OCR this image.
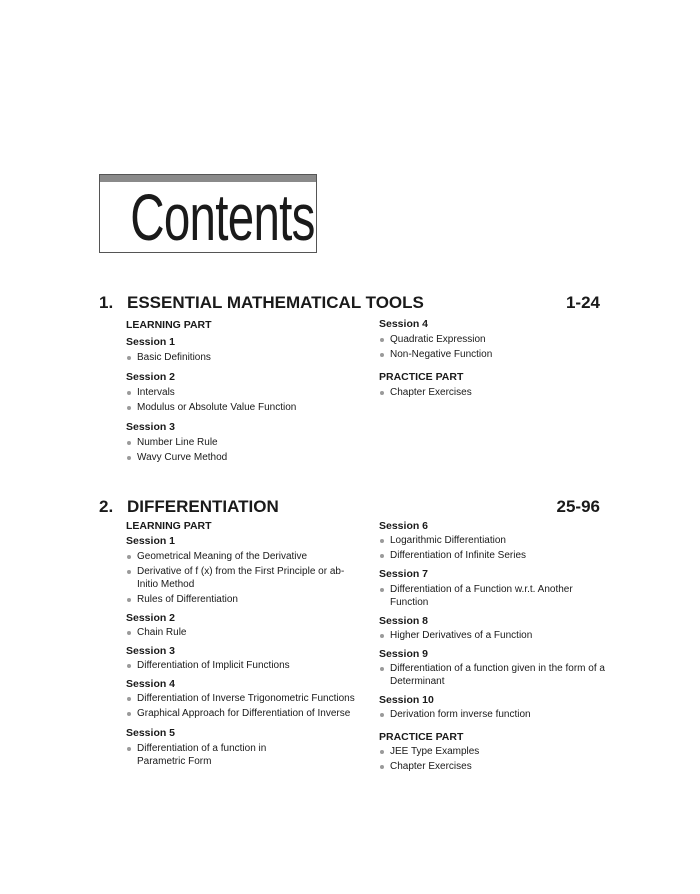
Contents
1. ESSENTIAL MATHEMATICAL TOOLS	1-24
LEARNING PART
Session 1
Basic Definitions
Session 2
Intervals
Modulus or Absolute Value Function
Session 3
Number Line Rule
Wavy Curve Method
Session 4
Quadratic Expression
Non-Negative Function
PRACTICE PART
Chapter Exercises
2. DIFFERENTIATION	25-96
LEARNING PART
Session 1
Geometrical Meaning of the Derivative
Derivative of f (x) from the First Principle or ab-Initio Method
Rules of Differentiation
Session 2
Chain Rule
Session 3
Differentiation of Implicit Functions
Session 4
Differentiation of Inverse Trigonometric Functions
Graphical Approach for Differentiation of Inverse
Session 5
Differentiation of a function in Parametric Form
Session 6
Logarithmic Differentiation
Differentiation of Infinite Series
Session 7
Differentiation of a Function w.r.t. Another Function
Session 8
Higher Derivatives of a Function
Session 9
Differentiation of a function given in the form of a Determinant
Session 10
Derivation form inverse function
PRACTICE PART
JEE Type Examples
Chapter Exercises
